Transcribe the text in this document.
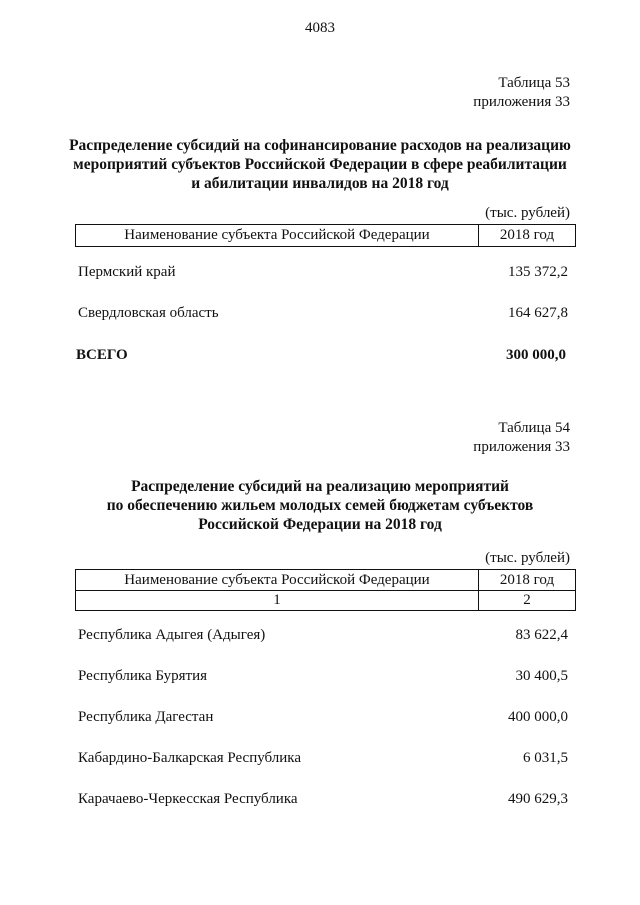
4083
Таблица 53
приложения 33
Распределение субсидий на софинансирование расходов на реализацию
мероприятий субъектов Российской Федерации в сфере реабилитации
и абилитации инвалидов на 2018 год
(тыс. рублей)
Наименование субъекта Российской Федерации	2018 год
Пермский край	135 372,2
Свердловская область	164 627,8
ВСЕГО	300 000,0
Таблица 54
приложения 33
Распределение субсидий на реализацию мероприятий
по обеспечению жильем молодых семей бюджетам субъектов
Российской Федерации на 2018 год
(тыс. рублей)
Наименование субъекта Российской Федерации	2018 год
1	2
Республика Адыгея (Адыгея)	83 622,4
Республика Бурятия	30 400,5
Республика Дагестан	400 000,0
Кабардино-Балкарская Республика	6 031,5
Карачаево-Черкесская Республика	490 629,3
